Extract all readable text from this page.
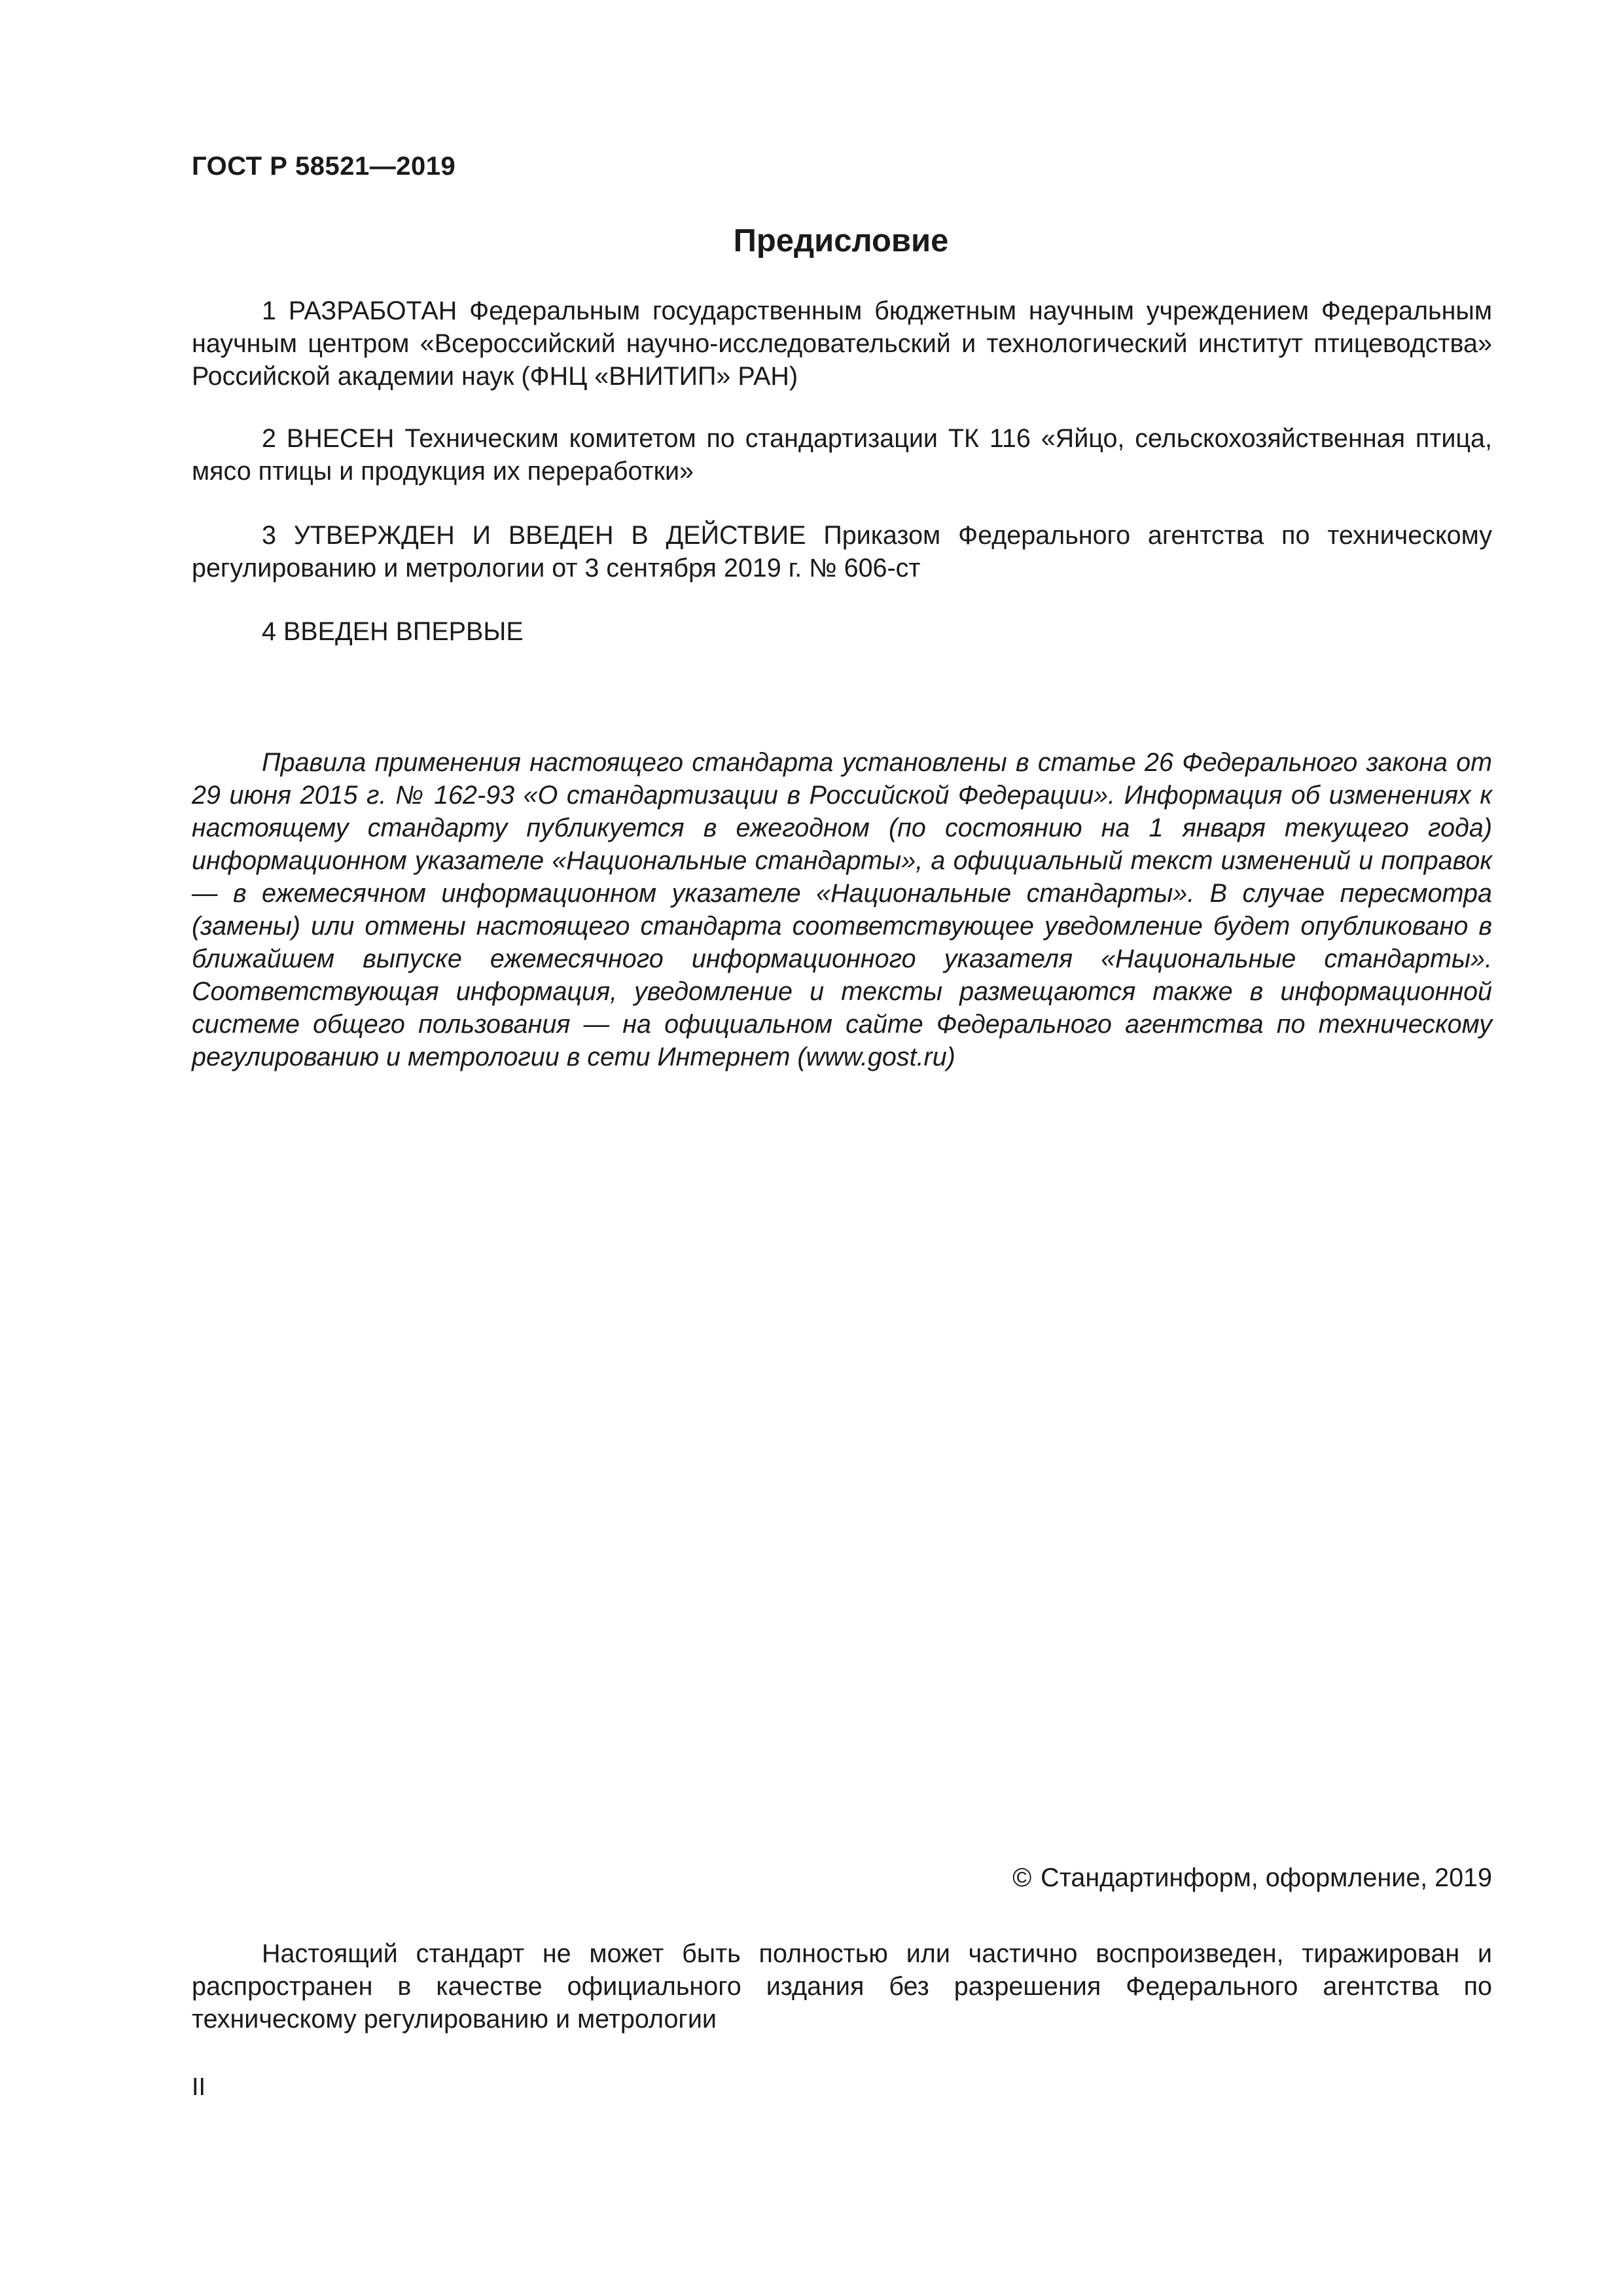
ГОСТ Р 58521—2019
Предисловие

1 РАЗРАБОТАН Федеральным государственным бюджетным научным учреждением Федеральным научным центром «Всероссийский научно-исследовательский и технологический институт птицеводства» Российской академии наук (ФНЦ «ВНИТИП» РАН)

2 ВНЕСЕН Техническим комитетом по стандартизации ТК 116 «Яйцо, сельскохозяйственная птица, мясо птицы и продукция их переработки»

3 УТВЕРЖДЕН И ВВЕДЕН В ДЕЙСТВИЕ Приказом Федерального агентства по техническому регулированию и метрологии от 3 сентября 2019 г. № 606-ст

4 ВВЕДЕН ВПЕРВЫЕ

Правила применения настоящего стандарта установлены в статье 26 Федерального закона от 29 июня 2015 г. № 162-93 «О стандартизации в Российской Федерации». Информация об изменениях к настоящему стандарту публикуется в ежегодном (по состоянию на 1 января текущего года) информационном указателе «Национальные стандарты», а официальный текст изменений и поправок — в ежемесячном информационном указателе «Национальные стандарты». В случае пересмотра (замены) или отмены настоящего стандарта соответствующее уведомление будет опубликовано в ближайшем выпуске ежемесячного информационного указателя «Национальные стандарты». Соответствующая информация, уведомление и тексты размещаются также в информационной системе общего пользования — на официальном сайте Федерального агентства по техническому регулированию и метрологии в сети Интернет (www.gost.ru)

© Стандартинформ, оформление, 2019

Настоящий стандарт не может быть полностью или частично воспроизведен, тиражирован и распространен в качестве официального издания без разрешения Федерального агентства по техническому регулированию и метрологии

II
